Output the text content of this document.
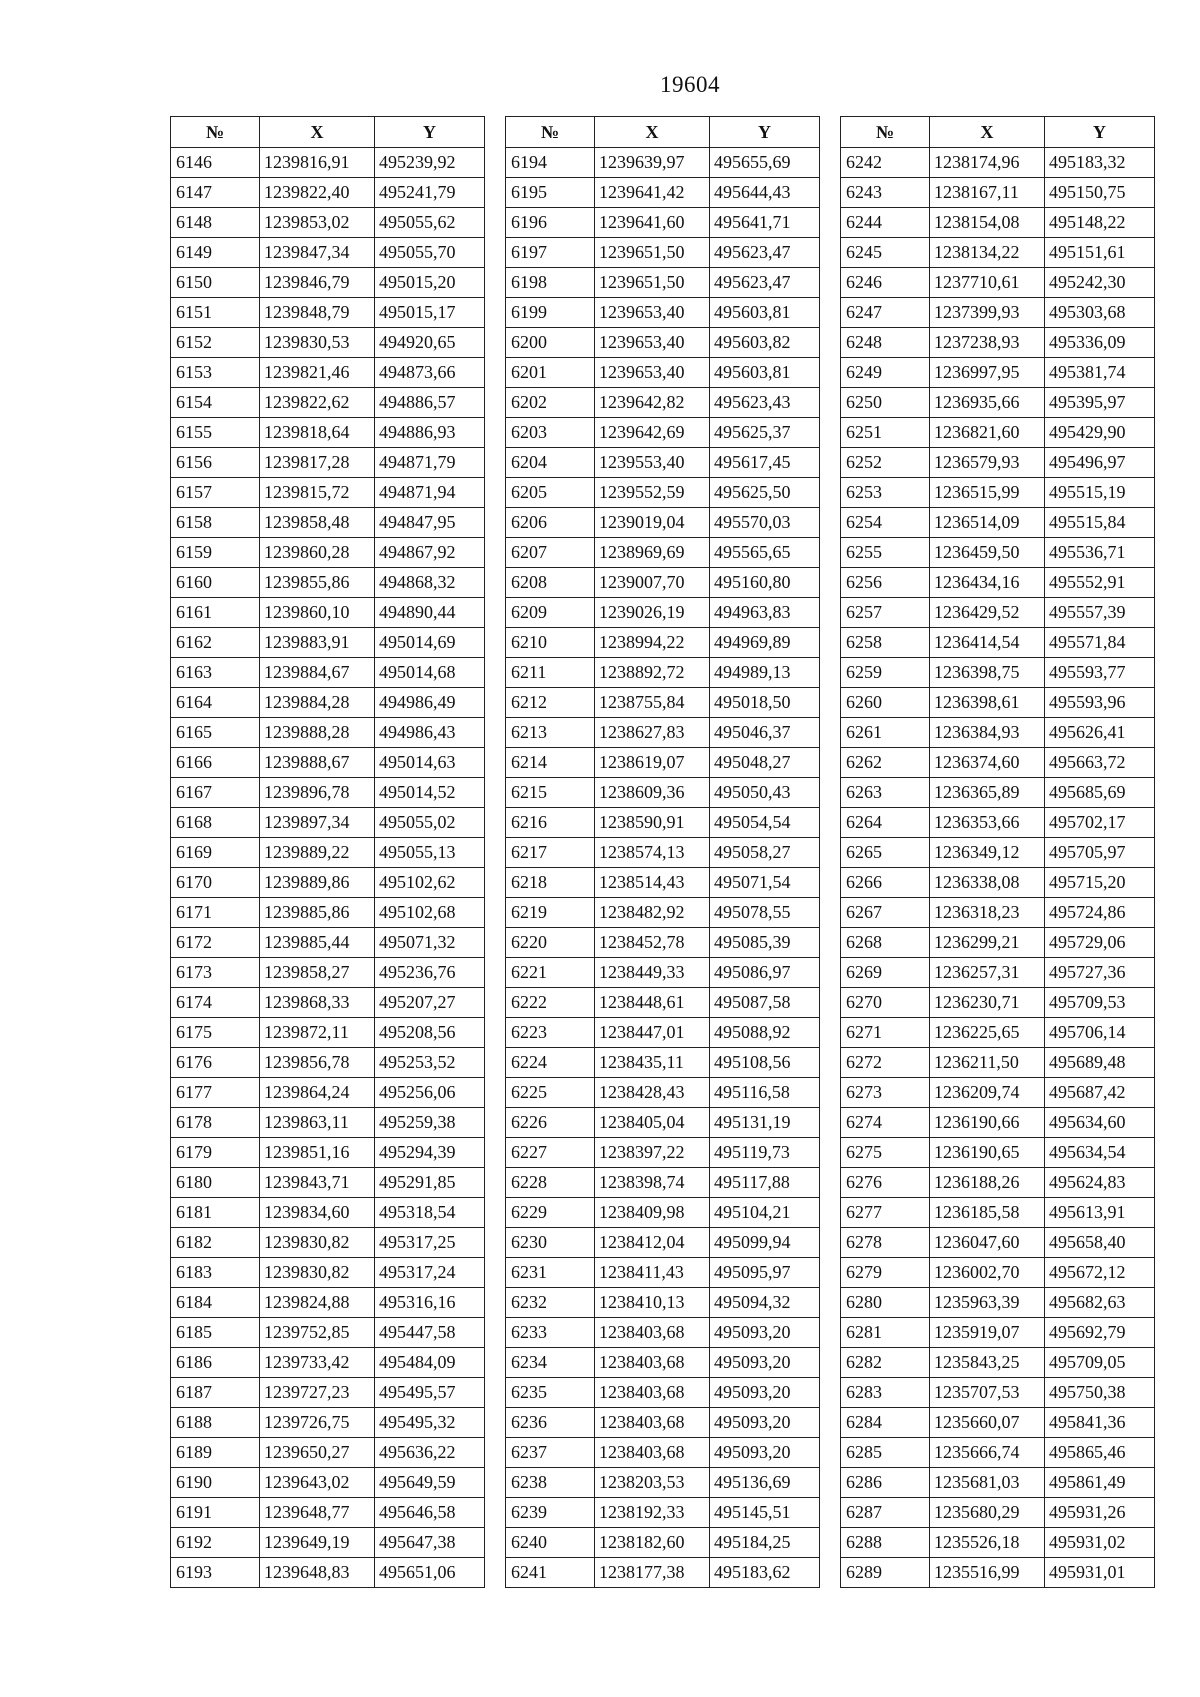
19604
№	X	Y
6146	1239816,91	495239,92
6147	1239822,40	495241,79
6148	1239853,02	495055,62
6149	1239847,34	495055,70
6150	1239846,79	495015,20
6151	1239848,79	495015,17
6152	1239830,53	494920,65
6153	1239821,46	494873,66
6154	1239822,62	494886,57
6155	1239818,64	494886,93
6156	1239817,28	494871,79
6157	1239815,72	494871,94
6158	1239858,48	494847,95
6159	1239860,28	494867,92
6160	1239855,86	494868,32
6161	1239860,10	494890,44
6162	1239883,91	495014,69
6163	1239884,67	495014,68
6164	1239884,28	494986,49
6165	1239888,28	494986,43
6166	1239888,67	495014,63
6167	1239896,78	495014,52
6168	1239897,34	495055,02
6169	1239889,22	495055,13
6170	1239889,86	495102,62
6171	1239885,86	495102,68
6172	1239885,44	495071,32
6173	1239858,27	495236,76
6174	1239868,33	495207,27
6175	1239872,11	495208,56
6176	1239856,78	495253,52
6177	1239864,24	495256,06
6178	1239863,11	495259,38
6179	1239851,16	495294,39
6180	1239843,71	495291,85
6181	1239834,60	495318,54
6182	1239830,82	495317,25
6183	1239830,82	495317,24
6184	1239824,88	495316,16
6185	1239752,85	495447,58
6186	1239733,42	495484,09
6187	1239727,23	495495,57
6188	1239726,75	495495,32
6189	1239650,27	495636,22
6190	1239643,02	495649,59
6191	1239648,77	495646,58
6192	1239649,19	495647,38
6193	1239648,83	495651,06
№	X	Y
6194	1239639,97	495655,69
6195	1239641,42	495644,43
6196	1239641,60	495641,71
6197	1239651,50	495623,47
6198	1239651,50	495623,47
6199	1239653,40	495603,81
6200	1239653,40	495603,82
6201	1239653,40	495603,81
6202	1239642,82	495623,43
6203	1239642,69	495625,37
6204	1239553,40	495617,45
6205	1239552,59	495625,50
6206	1239019,04	495570,03
6207	1238969,69	495565,65
6208	1239007,70	495160,80
6209	1239026,19	494963,83
6210	1238994,22	494969,89
6211	1238892,72	494989,13
6212	1238755,84	495018,50
6213	1238627,83	495046,37
6214	1238619,07	495048,27
6215	1238609,36	495050,43
6216	1238590,91	495054,54
6217	1238574,13	495058,27
6218	1238514,43	495071,54
6219	1238482,92	495078,55
6220	1238452,78	495085,39
6221	1238449,33	495086,97
6222	1238448,61	495087,58
6223	1238447,01	495088,92
6224	1238435,11	495108,56
6225	1238428,43	495116,58
6226	1238405,04	495131,19
6227	1238397,22	495119,73
6228	1238398,74	495117,88
6229	1238409,98	495104,21
6230	1238412,04	495099,94
6231	1238411,43	495095,97
6232	1238410,13	495094,32
6233	1238403,68	495093,20
6234	1238403,68	495093,20
6235	1238403,68	495093,20
6236	1238403,68	495093,20
6237	1238403,68	495093,20
6238	1238203,53	495136,69
6239	1238192,33	495145,51
6240	1238182,60	495184,25
6241	1238177,38	495183,62
№	X	Y
6242	1238174,96	495183,32
6243	1238167,11	495150,75
6244	1238154,08	495148,22
6245	1238134,22	495151,61
6246	1237710,61	495242,30
6247	1237399,93	495303,68
6248	1237238,93	495336,09
6249	1236997,95	495381,74
6250	1236935,66	495395,97
6251	1236821,60	495429,90
6252	1236579,93	495496,97
6253	1236515,99	495515,19
6254	1236514,09	495515,84
6255	1236459,50	495536,71
6256	1236434,16	495552,91
6257	1236429,52	495557,39
6258	1236414,54	495571,84
6259	1236398,75	495593,77
6260	1236398,61	495593,96
6261	1236384,93	495626,41
6262	1236374,60	495663,72
6263	1236365,89	495685,69
6264	1236353,66	495702,17
6265	1236349,12	495705,97
6266	1236338,08	495715,20
6267	1236318,23	495724,86
6268	1236299,21	495729,06
6269	1236257,31	495727,36
6270	1236230,71	495709,53
6271	1236225,65	495706,14
6272	1236211,50	495689,48
6273	1236209,74	495687,42
6274	1236190,66	495634,60
6275	1236190,65	495634,54
6276	1236188,26	495624,83
6277	1236185,58	495613,91
6278	1236047,60	495658,40
6279	1236002,70	495672,12
6280	1235963,39	495682,63
6281	1235919,07	495692,79
6282	1235843,25	495709,05
6283	1235707,53	495750,38
6284	1235660,07	495841,36
6285	1235666,74	495865,46
6286	1235681,03	495861,49
6287	1235680,29	495931,26
6288	1235526,18	495931,02
6289	1235516,99	495931,01
